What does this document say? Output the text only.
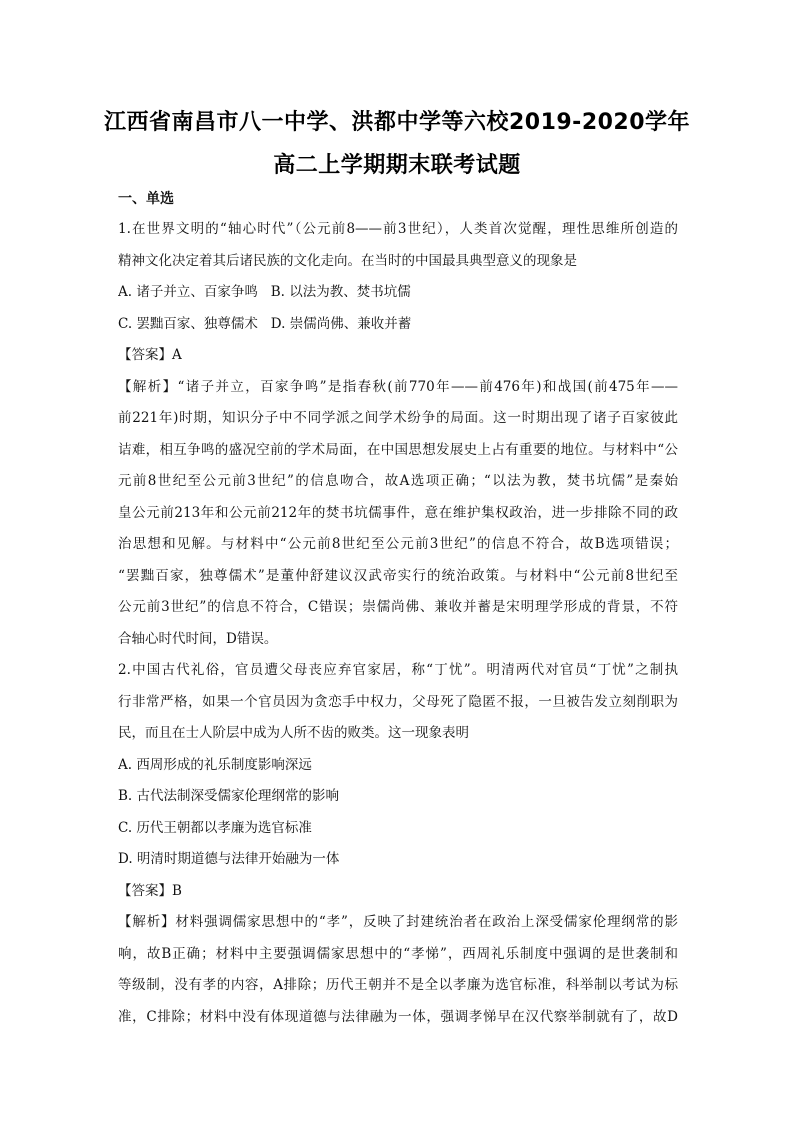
江西省南昌市八一中学、洪都中学等六校2019-2020学年
高二上学期期末联考试题
一、单选
1.在世界文明的“轴心时代”（公元前8——前3世纪），人类首次觉醒，理性思维所创造的
精神文化决定着其后诸民族的文化走向。在当时的中国最具典型意义的现象是
A. 诸子并立、百家争鸣   B. 以法为教、焚书坑儒
C. 罢黜百家、独尊儒术   D. 崇儒尚佛、兼收并蓄
【答案】A
【解析】“诸子并立，百家争鸣”是指春秋(前770年——前476年)和战国(前475年——
前221年)时期，知识分子中不同学派之间学术纷争的局面。这一时期出现了诸子百家彼此
诘难，相互争鸣的盛况空前的学术局面，在中国思想发展史上占有重要的地位。与材料中“公
元前8世纪至公元前3世纪”的信息吻合，故A选项正确；“以法为教，焚书坑儒”是秦始
皇公元前213年和公元前212年的焚书坑儒事件，意在维护集权政治，进一步排除不同的政
治思想和见解。与材料中“公元前8世纪至公元前3世纪”的信息不符合，故B选项错误；
“罢黜百家，独尊儒术”是董仲舒建议汉武帝实行的统治政策。与材料中“公元前8世纪至
公元前3世纪”的信息不符合，C错误；崇儒尚佛、兼收并蓄是宋明理学形成的背景，不符
合轴心时代时间，D错误。
2.中国古代礼俗，官员遭父母丧应弃官家居，称“丁忧”。明清两代对官员“丁忧”之制执
行非常严格，如果一个官员因为贪恋手中权力，父母死了隐匿不报，一旦被告发立刻削职为
民，而且在士人阶层中成为人所不齿的败类。这一现象表明
A. 西周形成的礼乐制度影响深远
B. 古代法制深受儒家伦理纲常的影响
C. 历代王朝都以孝廉为选官标准
D. 明清时期道德与法律开始融为一体
【答案】B
【解析】材料强调儒家思想中的“孝”，反映了封建统治者在政治上深受儒家伦理纲常的影
响，故B正确；材料中主要强调儒家思想中的“孝悌”，西周礼乐制度中强调的是世袭制和
等级制，没有孝的内容，A排除；历代王朝并不是全以孝廉为选官标准，科举制以考试为标
准，C排除；材料中没有体现道德与法律融为一体，强调孝悌早在汉代察举制就有了，故D
